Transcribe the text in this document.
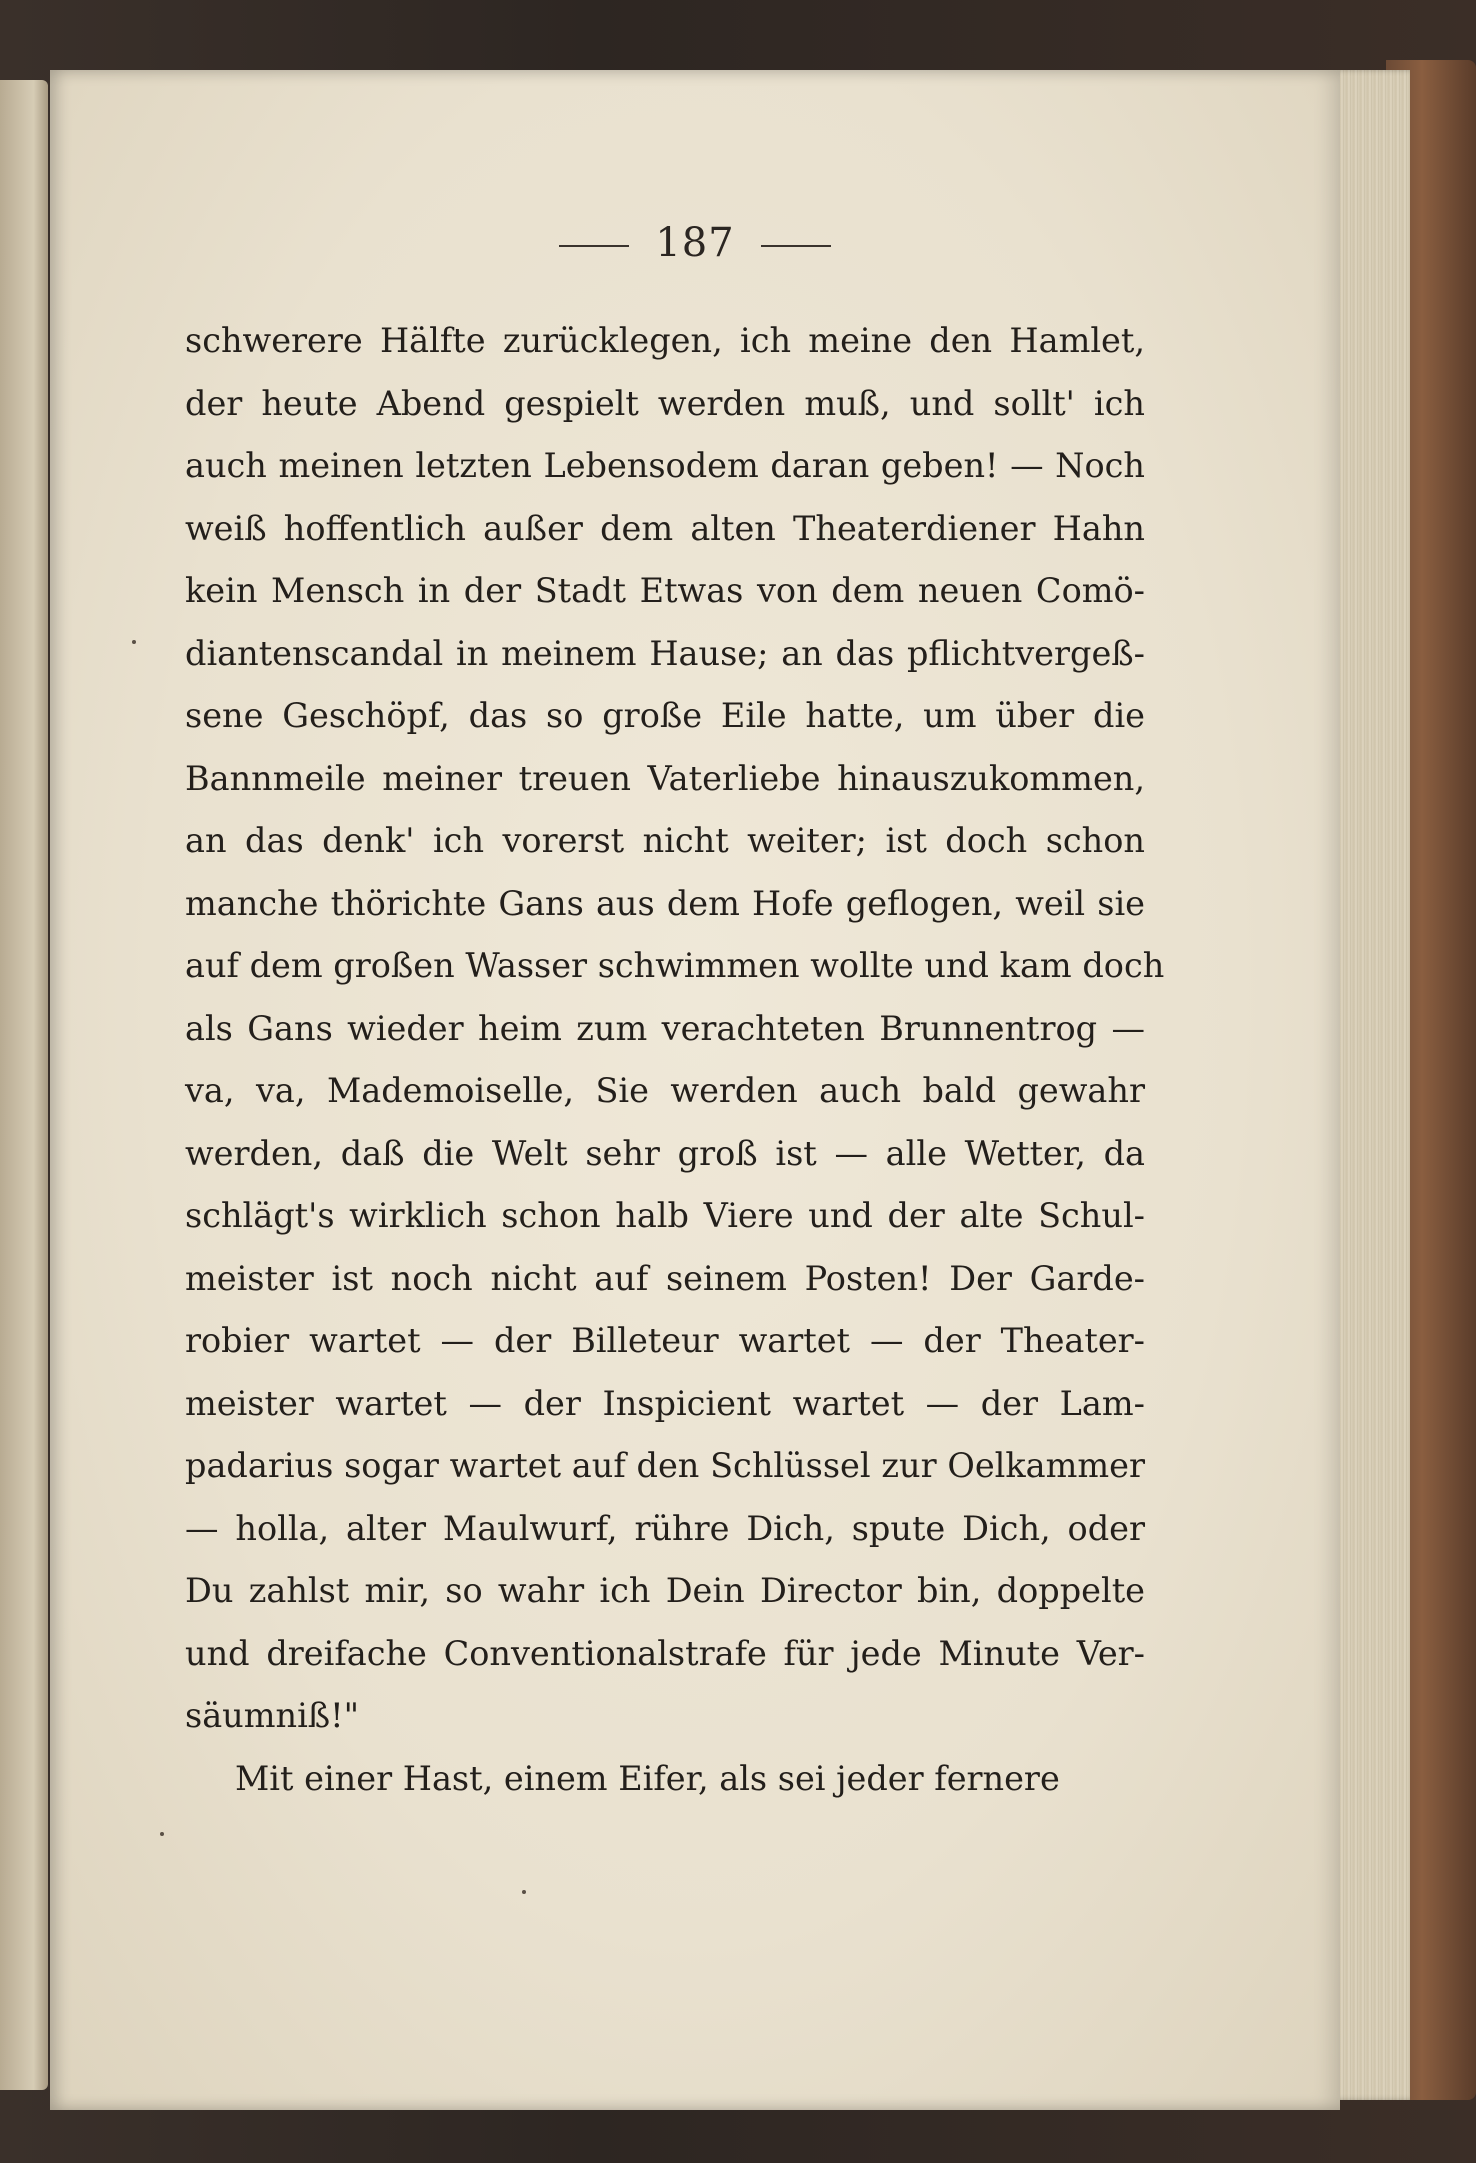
187
schwerere Hälfte zurücklegen, ich meine den Hamlet,
der heute Abend gespielt werden muß, und sollt' ich
auch meinen letzten Lebensodem daran geben! — Noch
weiß hoffentlich außer dem alten Theaterdiener Hahn
kein Mensch in der Stadt Etwas von dem neuen Comö-
diantenscandal in meinem Hause; an das pflichtvergeß-
sene Geschöpf, das so große Eile hatte, um über die
Bannmeile meiner treuen Vaterliebe hinauszukommen,
an das denk' ich vorerst nicht weiter; ist doch schon
manche thörichte Gans aus dem Hofe geflogen, weil sie
auf dem großen Wasser schwimmen wollte und kam doch
als Gans wieder heim zum verachteten Brunnentrog —
va, va, Mademoiselle, Sie werden auch bald gewahr
werden, daß die Welt sehr groß ist — alle Wetter, da
schlägt's wirklich schon halb Viere und der alte Schul-
meister ist noch nicht auf seinem Posten! Der Garde-
robier wartet — der Billeteur wartet — der Theater-
meister wartet — der Inspicient wartet — der Lam-
padarius sogar wartet auf den Schlüssel zur Oelkammer
— holla, alter Maulwurf, rühre Dich, spute Dich, oder
Du zahlst mir, so wahr ich Dein Director bin, doppelte
und dreifache Conventionalstrafe für jede Minute Ver-
säumniß!"
Mit einer Hast, einem Eifer, als sei jeder fernere
